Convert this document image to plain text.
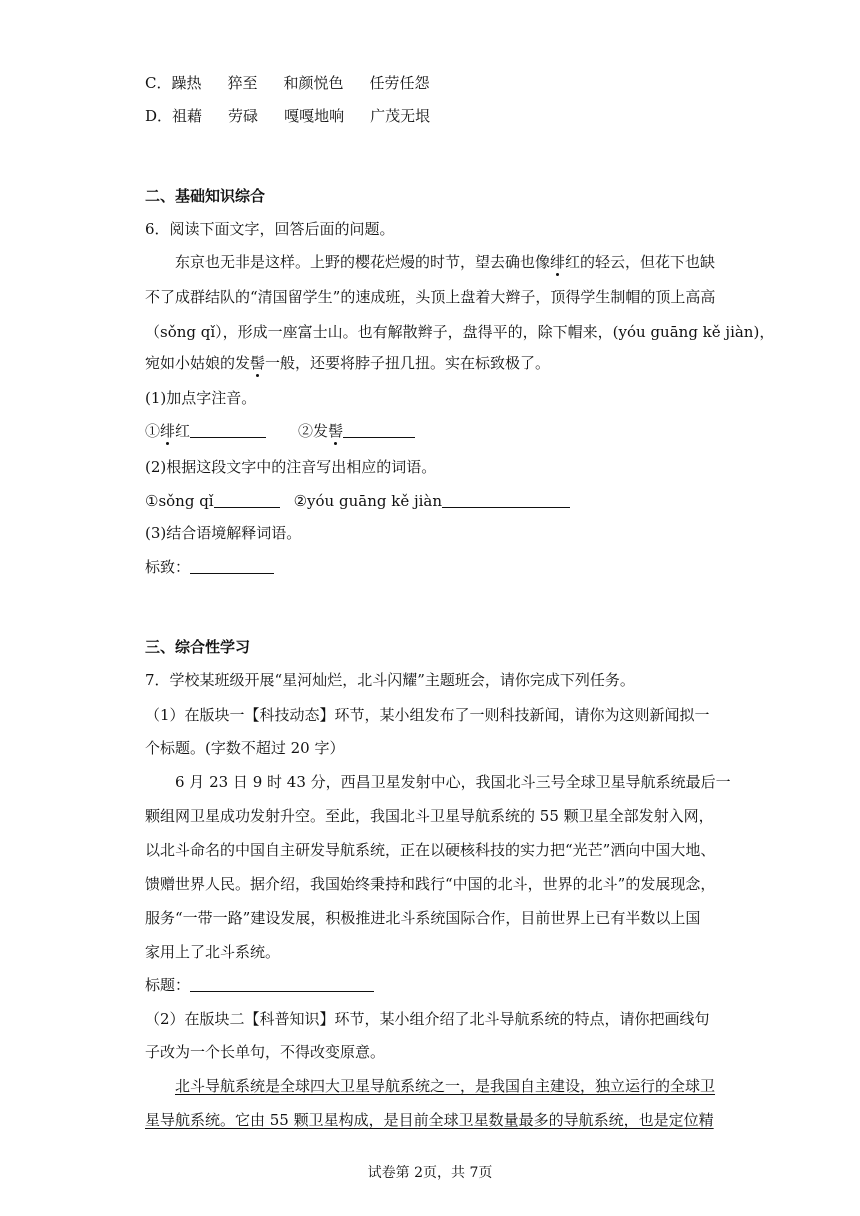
C．躁热 猝至 和颜悦色 任劳任怨
D．祖藉 劳碌 嘎嘎地响 广茂无垠
二、基础知识综合
6．阅读下面文字，回答后面的问题。
东京也无非是这样。上野的樱花烂熳的时节，望去确也像绯红的轻云，但花下也缺
不了成群结队的“清国留学生”的速成班，头顶上盘着大辫子，顶得学生制帽的顶上高高
（sǒng qǐ），形成一座富士山。也有解散辫子，盘得平的，除下帽来，(yóu guāng kě jiàn)，
宛如小姑娘的发髻一般，还要将脖子扭几扭。实在标致极了。
(1)加点字注音。
①绯红	②发髻
(2)根据这段文字中的注音写出相应的词语。
①sǒng qǐ	②yóu guāng kě jiàn
(3)结合语境解释词语。
标致：
三、综合性学习
7．学校某班级开展“星河灿烂，北斗闪耀”主题班会，请你完成下列任务。
（1）在版块一【科技动态】环节，某小组发布了一则科技新闻，请你为这则新闻拟一
个标题。(字数不超过 20 字）
6 月 23 日 9 时 43 分，西昌卫星发射中心，我国北斗三号全球卫星导航系统最后一
颗组网卫星成功发射升空。至此，我国北斗卫星导航系统的 55 颗卫星全部发射入网，
以北斗命名的中国自主研发导航系统，正在以硬核科技的实力把“光芒”洒向中国大地、
馈赠世界人民。据介绍，我国始终秉持和践行“中国的北斗，世界的北斗”的发展现念，
服务“一带一路”建设发展，积极推进北斗系统国际合作，目前世界上已有半数以上国
家用上了北斗系统。
标题：
（2）在版块二【科普知识】环节，某小组介绍了北斗导航系统的特点，请你把画线句
子改为一个长单句，不得改变原意。
北斗导航系统是全球四大卫星导航系统之一，是我国自主建设，独立运行的全球卫
星导航系统。它由 55 颗卫星构成，是目前全球卫星数量最多的导航系统，也是定位精
试卷第 2页，共 7页
